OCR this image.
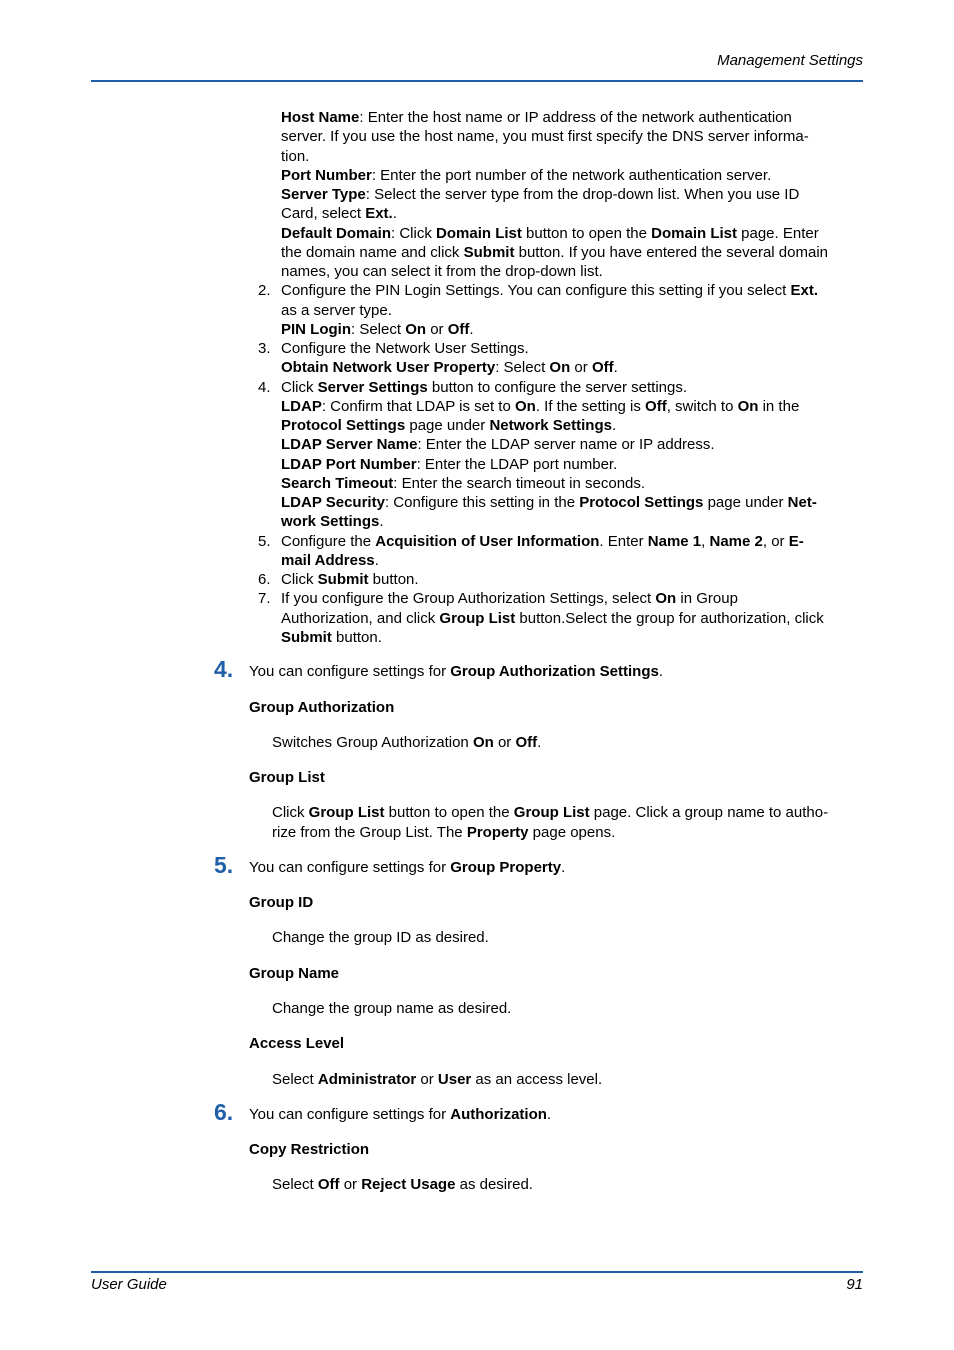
Management Settings
Host Name: Enter the host name or IP address of the network authentication
server. If you use the host name, you must first specify the DNS server informa-
tion.
Port Number: Enter the port number of the network authentication server.
Server Type: Select the server type from the drop-down list. When you use ID
Card, select Ext..
Default Domain: Click Domain List button to open the Domain List page. Enter
the domain name and click Submit button. If you have entered the several domain
names, you can select it from the drop-down list.
2. Configure the PIN Login Settings. You can configure this setting if you select Ext.
as a server type.
PIN Login: Select On or Off.
3. Configure the Network User Settings.
Obtain Network User Property: Select On or Off.
4. Click Server Settings button to configure the server settings.
LDAP: Confirm that LDAP is set to On. If the setting is Off, switch to On in the
Protocol Settings page under Network Settings.
LDAP Server Name: Enter the LDAP server name or IP address.
LDAP Port Number: Enter the LDAP port number.
Search Timeout: Enter the search timeout in seconds.
LDAP Security: Configure this setting in the Protocol Settings page under Net-
work Settings.
5. Configure the Acquisition of User Information. Enter Name 1, Name 2, or E-
mail Address.
6. Click Submit button.
7. If you configure the Group Authorization Settings, select On in Group
Authorization, and click Group List button.Select the group for authorization, click
Submit button.
4. You can configure settings for Group Authorization Settings.
Group Authorization
Switches Group Authorization On or Off.
Group List
Click Group List button to open the Group List page. Click a group name to autho-
rize from the Group List. The Property page opens.
5. You can configure settings for Group Property.
Group ID
Change the group ID as desired.
Group Name
Change the group name as desired.
Access Level
Select Administrator or User as an access level.
6. You can configure settings for Authorization.
Copy Restriction
Select Off or Reject Usage as desired.
User Guide	91
